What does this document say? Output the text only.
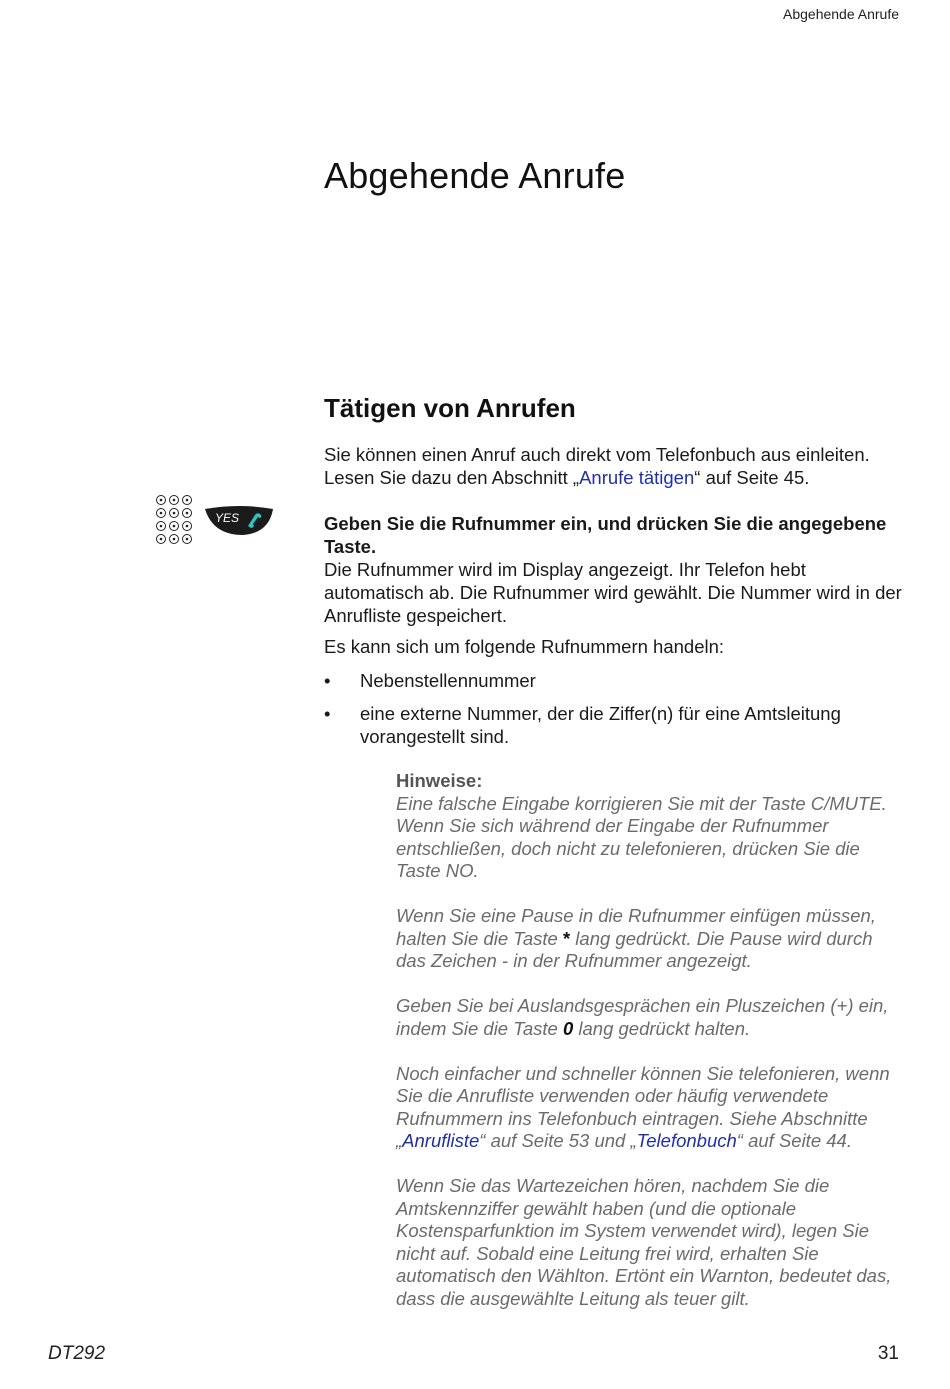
Abgehende Anrufe
Abgehende Anrufe
Tätigen von Anrufen

Sie können einen Anruf auch direkt vom Telefonbuch aus einleiten.

Lesen Sie dazu den Abschnitt „Anrufe tätigen“ auf Seite 45.

YES	Geben Sie die Rufnummer ein, und drücken Sie die angegebene Taste.

Die Rufnummer wird im Display angezeigt. Ihr Telefon hebt automatisch ab. Die Rufnummer wird gewählt. Die Nummer wird in der Anrufliste gespeichert.

Es kann sich um folgende Rufnummern handeln:
• Nebenstellennummer
• eine externe Nummer, der die Ziffer(n) für eine Amtsleitung vorangestellt sind.
Hinweise:

Eine falsche Eingabe korrigieren Sie mit der Taste C/MUTE. Wenn Sie sich während der Eingabe der Rufnummer entschließen, doch nicht zu telefonieren, drücken Sie die Taste NO.

Wenn Sie eine Pause in die Rufnummer einfügen müssen, halten Sie die Taste * lang gedrückt. Die Pause wird durch das Zeichen - in der Rufnummer angezeigt.

Geben Sie bei Auslandsgesprächen ein Pluszeichen (+) ein, indem Sie die Taste 0 lang gedrückt halten.

Noch einfacher und schneller können Sie telefonieren, wenn Sie die Anrufliste verwenden oder häufig verwendete Rufnummern ins Telefonbuch eintragen. Siehe Abschnitte „Anrufliste“ auf Seite 53 und „Telefonbuch“ auf Seite 44.

Wenn Sie das Wartezeichen hören, nachdem Sie die Amtskennziffer gewählt haben (und die optionale Kostensparfunktion im System verwendet wird), legen Sie nicht auf. Sobald eine Leitung frei wird, erhalten Sie automatisch den Wählton. Ertönt ein Warnton, bedeutet das, dass die ausgewählte Leitung als teuer gilt.

DT292	31
